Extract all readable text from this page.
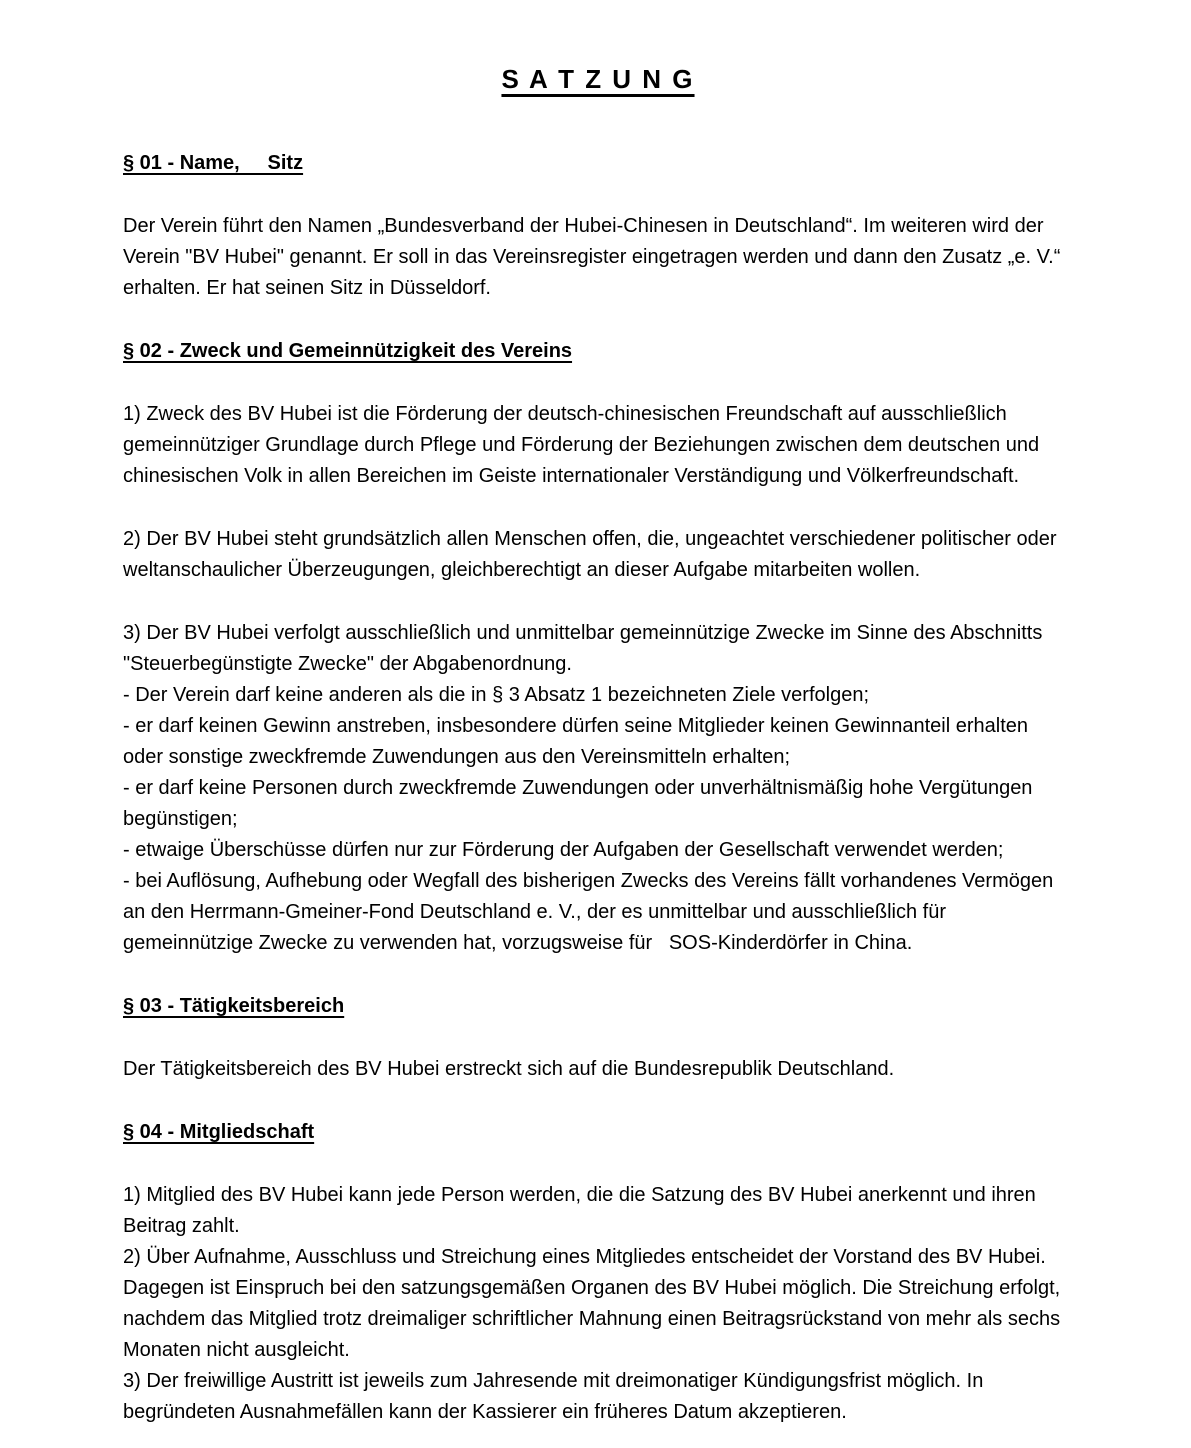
S A T Z U N G
§ 01 - Name,     Sitz

Der Verein führt den Namen „Bundesverband der Hubei-Chinesen in Deutschland“. Im weiteren wird der Verein "BV Hubei" genannt. Er soll in das Vereinsregister eingetragen werden und dann den Zusatz „e. V.“ erhalten. Er hat seinen Sitz in Düsseldorf.

§ 02 - Zweck und Gemeinnützigkeit des Vereins

1) Zweck des BV Hubei ist die Förderung der deutsch-chinesischen Freundschaft auf ausschließlich gemeinnütziger Grundlage durch Pflege und Förderung der Beziehungen zwischen dem deutschen und chinesischen Volk in allen Bereichen im Geiste internationaler Verständigung und Völkerfreundschaft.

2) Der BV Hubei steht grundsätzlich allen Menschen offen, die, ungeachtet verschiedener politischer oder weltanschaulicher Überzeugungen, gleichberechtigt an dieser Aufgabe mitarbeiten wollen.

3) Der BV Hubei verfolgt ausschließlich und unmittelbar gemeinnützige Zwecke im Sinne des Abschnitts "Steuerbegünstigte Zwecke" der Abgabenordnung.

- Der Verein darf keine anderen als die in § 3 Absatz 1 bezeichneten Ziele verfolgen;

- er darf keinen Gewinn anstreben, insbesondere dürfen seine Mitglieder keinen Gewinnanteil erhalten oder sonstige zweckfremde Zuwendungen aus den Vereinsmitteln erhalten;

- er darf keine Personen durch zweckfremde Zuwendungen oder unverhältnismäßig hohe Vergütungen begünstigen;

- etwaige Überschüsse dürfen nur zur Förderung der Aufgaben der Gesellschaft verwendet werden;

- bei Auflösung, Aufhebung oder Wegfall des bisherigen Zwecks des Vereins fällt vorhandenes Vermögen an den Herrmann-Gmeiner-Fond Deutschland e. V., der es unmittelbar und ausschließlich für gemeinnützige Zwecke zu verwenden hat, vorzugsweise für   SOS-Kinderdörfer in China.

§ 03 - Tätigkeitsbereich

Der Tätigkeitsbereich des BV Hubei erstreckt sich auf die Bundesrepublik Deutschland.

§ 04 - Mitgliedschaft

1) Mitglied des BV Hubei kann jede Person werden, die die Satzung des BV Hubei anerkennt und ihren Beitrag zahlt.

2) Über Aufnahme, Ausschluss und Streichung eines Mitgliedes entscheidet der Vorstand des BV Hubei. Dagegen ist Einspruch bei den satzungsgemäßen Organen des BV Hubei möglich. Die Streichung erfolgt, nachdem das Mitglied trotz dreimaliger schriftlicher Mahnung einen Beitragsrückstand von mehr als sechs Monaten nicht ausgleicht.

3) Der freiwillige Austritt ist jeweils zum Jahresende mit dreimonatiger Kündigungsfrist möglich. In begründeten Ausnahmefällen kann der Kassierer ein früheres Datum akzeptieren.
